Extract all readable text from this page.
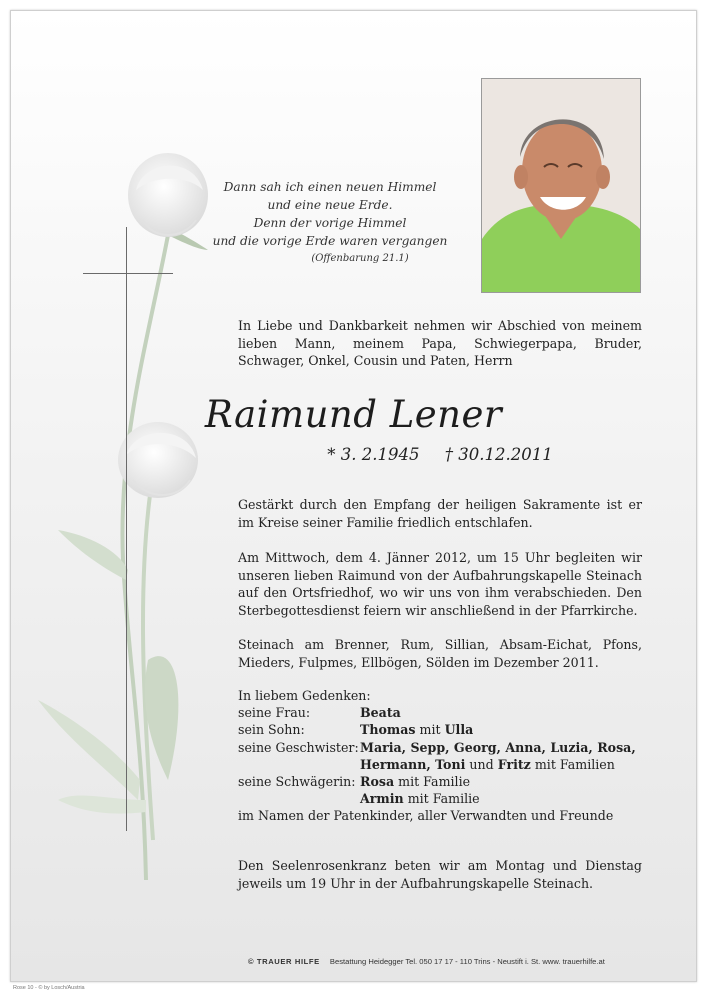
Dann sah ich einen neuen Himmel
und eine neue Erde.
Denn der vorige Himmel
und die vorige Erde waren vergangen
(Offenbarung 21.1)
In Liebe und Dankbarkeit nehmen wir Abschied von meinem lieben Mann, meinem Papa, Schwiegerpapa, Bruder, Schwager, Onkel, Cousin und Paten, Herrn
Raimund Lener
* 3. 2.1945 † 30.12.2011
Gestärkt durch den Empfang der heiligen Sakramente ist er im Kreise seiner Familie friedlich entschlafen.
Am Mittwoch, dem 4. Jänner 2012, um 15 Uhr begleiten wir unseren lieben Raimund von der Aufbahrungskapelle Steinach auf den Ortsfriedhof, wo wir uns von ihm verabschieden. Den Sterbegottesdienst feiern wir anschließend in der Pfarrkirche.
Steinach am Brenner, Rum, Sillian, Absam-Eichat, Pfons, Mieders, Fulpmes, Ellbögen, Sölden im Dezember 2011.
In liebem Gedenken:
seine Frau:	Beata
sein Sohn:	Thomas mit Ulla
seine Geschwister: Maria, Sepp, Georg, Anna, Luzia, Rosa,
Hermann, Toni und Fritz mit Familien
seine Schwägerin: Rosa mit Familie
Armin mit Familie
im Namen der Patenkinder, aller Verwandten und Freunde
Den Seelenrosenkranz beten wir am Montag und Dienstag jeweils um 19 Uhr in der Aufbahrungskapelle Steinach.
© TRAUER HILFE Bestattung Heidegger Tel. 050 17 17 - 110 Trins - Neustift i. St. www. trauerhilfe.at
Rose 10 - © by Losch/Austria
